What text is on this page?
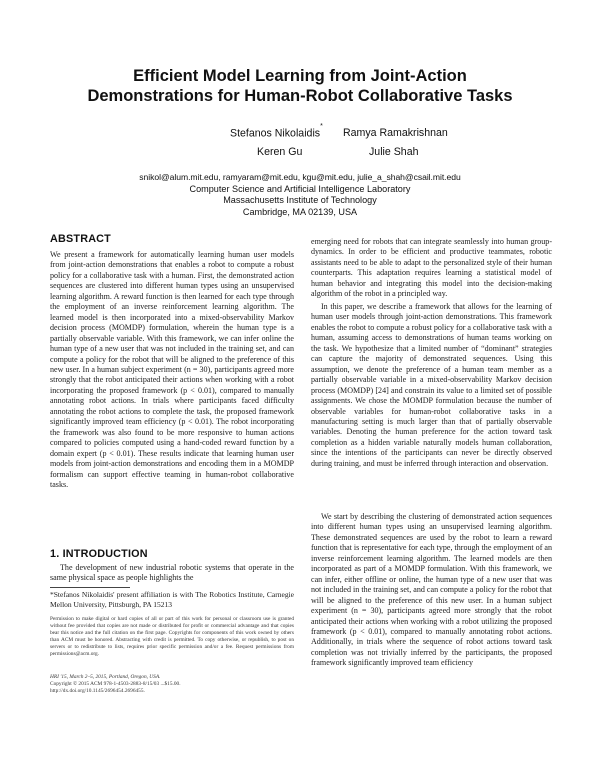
Efficient Model Learning from Joint-Action
Demonstrations for Human-Robot Collaborative Tasks
Stefanos Nikolaidis*
Ramya Ramakrishnan
Keren Gu	Julie Shah
snikol@alum.mit.edu, ramyaram@mit.edu, kgu@mit.edu, julie_a_shah@csail.mit.edu
Computer Science and Artificial Intelligence Laboratory
Massachusetts Institute of Technology
Cambridge, MA 02139, USA
ABSTRACT
We present a framework for automatically learning human user models from joint-action demonstrations that enables a robot to compute a robust policy for a collaborative task with a human. First, the demonstrated action sequences are clustered into different human types using an unsupervised learning algorithm. A reward function is then learned for each type through the employment of an inverse reinforcement learning algorithm. The learned model is then incorporated into a mixed-observability Markov decision process (MOMDP) formulation, wherein the human type is a partially observable variable. With this framework, we can infer online the human type of a new user that was not included in the training set, and can compute a policy for the robot that will be aligned to the preference of this new user. In a human subject experiment (n = 30), participants agreed more strongly that the robot anticipated their actions when working with a robot incorporating the proposed framework (p < 0.01), compared to manually annotating robot actions. In trials where participants faced difficulty annotating the robot actions to complete the task, the proposed framework significantly improved team efficiency (p < 0.01). The robot incorporating the framework was also found to be more responsive to human actions compared to policies computed using a hand-coded reward function by a domain expert (p < 0.01). These results indicate that learning human user models from joint-action demonstrations and encoding them in a MOMDP formalism can support effective teaming in human-robot collaborative tasks.
1. INTRODUCTION
The development of new industrial robotic systems that operate in the same physical space as people highlights the
*Stefanos Nikolaidis' present affiliation is with The Robotics Institute, Carnegie Mellon University, Pittsburgh, PA 15213
Permission to make digital or hard copies of all or part of this work for personal or classroom use is granted without fee provided that copies are not made or distributed for profit or commercial advantage and that copies bear this notice and the full citation on the first page. Copyrights for components of this work owned by others than ACM must be honored. Abstracting with credit is permitted. To copy otherwise, or republish, to post on servers or to redistribute to lists, requires prior specific permission and/or a fee. Request permissions from permissions@acm.org.
HRI '15, March 2–5, 2015, Portland, Oregon, USA.
Copyright © 2015 ACM 978-1-4503-2883-8/15/03 ...$15.00.
http://dx.doi.org/10.1145/2696454.2696455.
emerging need for robots that can integrate seamlessly into human group-dynamics. In order to be efficient and productive teammates, robotic assistants need to be able to adapt to the personalized style of their human counterparts. This adaptation requires learning a statistical model of human behavior and integrating this model into the decision-making algorithm of the robot in a principled way.
In this paper, we describe a framework that allows for the learning of human user models through joint-action demonstrations. This framework enables the robot to compute a robust policy for a collaborative task with a human, assuming access to demonstrations of human teams working on the task. We hypothesize that a limited number of “dominant” strategies can capture the majority of demonstrated sequences. Using this assumption, we denote the preference of a human team member as a partially observable variable in a mixed-observability Markov decision process (MOMDP) [24] and constrain its value to a limited set of possible assignments. We chose the MOMDP formulation because the number of observable variables for human-robot collaborative tasks in a manufacturing setting is much larger than that of partially observable variables. Denoting the human preference for the action toward task completion as a hidden variable naturally models human collaboration, since the intentions of the participants can never be directly observed during training, and must be inferred through interaction and observation.
We start by describing the clustering of demonstrated action sequences into different human types using an unsupervised learning algorithm. These demonstrated sequences are used by the robot to learn a reward function that is representative for each type, through the employment of an inverse reinforcement learning algorithm. The learned models are then incorporated as part of a MOMDP formulation. With this framework, we can infer, either offline or online, the human type of a new user that was not included in the training set, and can compute a policy for the robot that will be aligned to the preference of this new user. In a human subject experiment (n = 30), participants agreed more strongly that the robot anticipated their actions when working with a robot utilizing the proposed framework (p < 0.01), compared to manually annotating robot actions. Additionally, in trials where the sequence of robot actions toward task completion was not trivially inferred by the participants, the proposed framework significantly improved team efficiency
